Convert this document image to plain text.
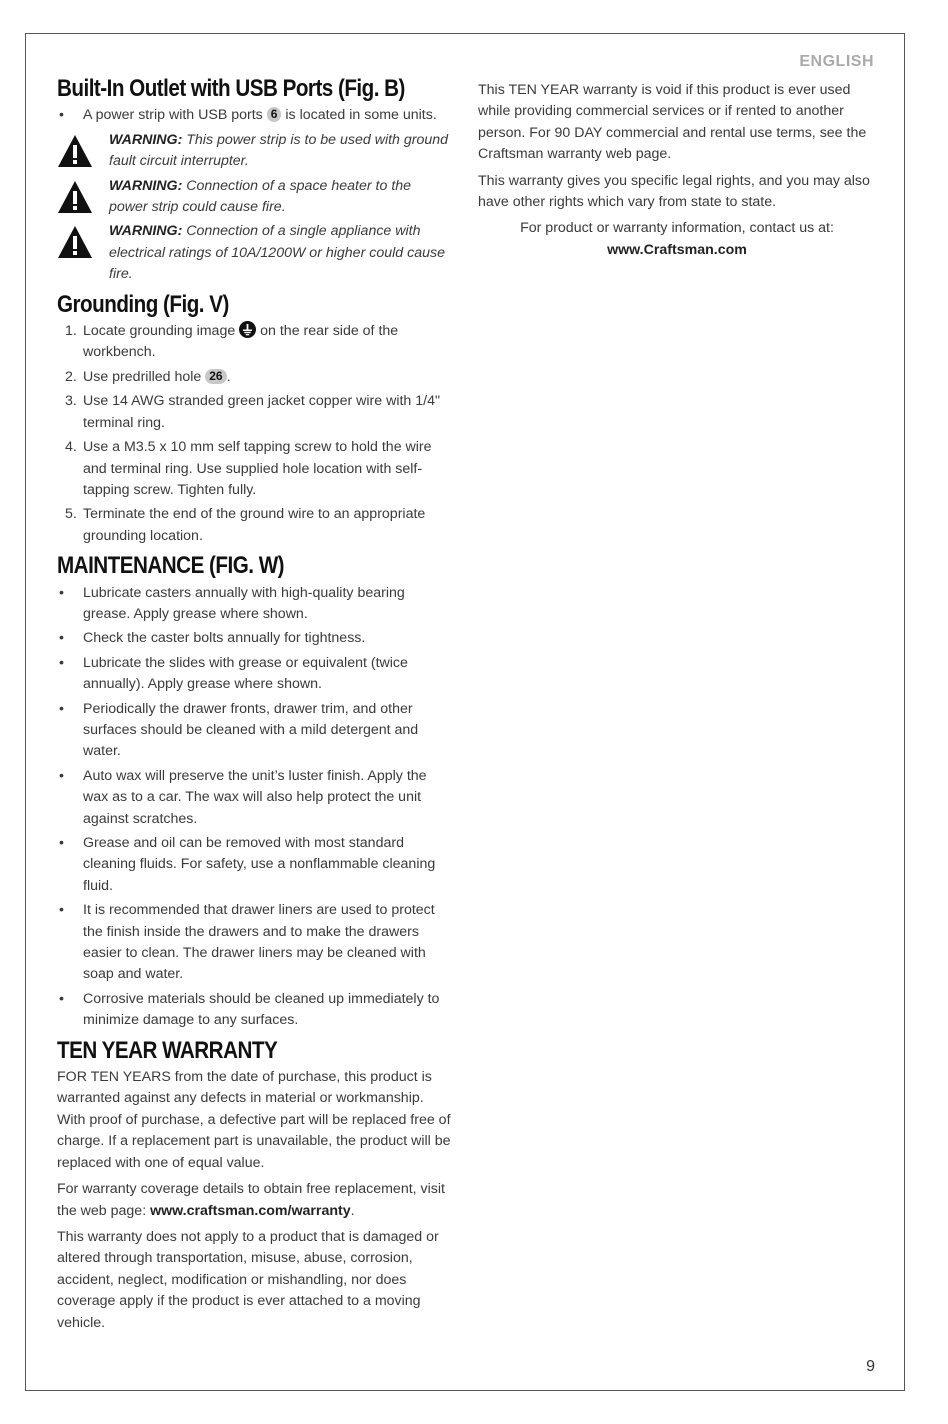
ENGLISH
Built-In Outlet with USB Ports (Fig. B)
• A power strip with USB ports 6 is located in some units.
WARNING: This power strip is to be used with ground fault circuit interrupter.
WARNING: Connection of a space heater to the power strip could cause fire.
WARNING: Connection of a single appliance with electrical ratings of 10A/1200W or higher could cause fire.
Grounding (Fig. V)
1. Locate grounding image on the rear side of the workbench.
2. Use predrilled hole 26 .
3. Use 14 AWG stranded green jacket copper wire with 1/4" terminal ring.
4. Use a M3.5 x 10 mm self tapping screw to hold the wire and terminal ring. Use supplied hole location with self-tapping screw. Tighten fully.
5. Terminate the end of the ground wire to an appropriate grounding location.
MAINTENANCE (FIG. W)
• Lubricate casters annually with high-quality bearing grease. Apply grease where shown.
• Check the caster bolts annually for tightness.
• Lubricate the slides with grease or equivalent (twice annually). Apply grease where shown.
• Periodically the drawer fronts, drawer trim, and other surfaces should be cleaned with a mild detergent and water.
• Auto wax will preserve the unit’s luster finish. Apply the wax as to a car. The wax will also help protect the unit against scratches.
• Grease and oil can be removed with most standard cleaning fluids. For safety, use a nonflammable cleaning fluid.
• It is recommended that drawer liners are used to protect the finish inside the drawers and to make the drawers easier to clean. The drawer liners may be cleaned with soap and water.
• Corrosive materials should be cleaned up immediately to minimize damage to any surfaces.
TEN YEAR WARRANTY

FOR TEN YEARS from the date of purchase, this product is warranted against any defects in material or workmanship. With proof of purchase, a defective part will be replaced free of charge. If a replacement part is unavailable, the product will be replaced with one of equal value.

For warranty coverage details to obtain free replacement, visit the web page: www.craftsman.com/warranty.

This warranty does not apply to a product that is damaged or altered through transportation, misuse, abuse, corrosion, accident, neglect, modification or mishandling, nor does coverage apply if the product is ever attached to a moving vehicle.

This TEN YEAR warranty is void if this product is ever used while providing commercial services or if rented to another person. For 90 DAY commercial and rental use terms, see the Craftsman warranty web page.

This warranty gives you specific legal rights, and you may also have other rights which vary from state to state.

For product or warranty information, contact us at:
www.Craftsman.com
9
